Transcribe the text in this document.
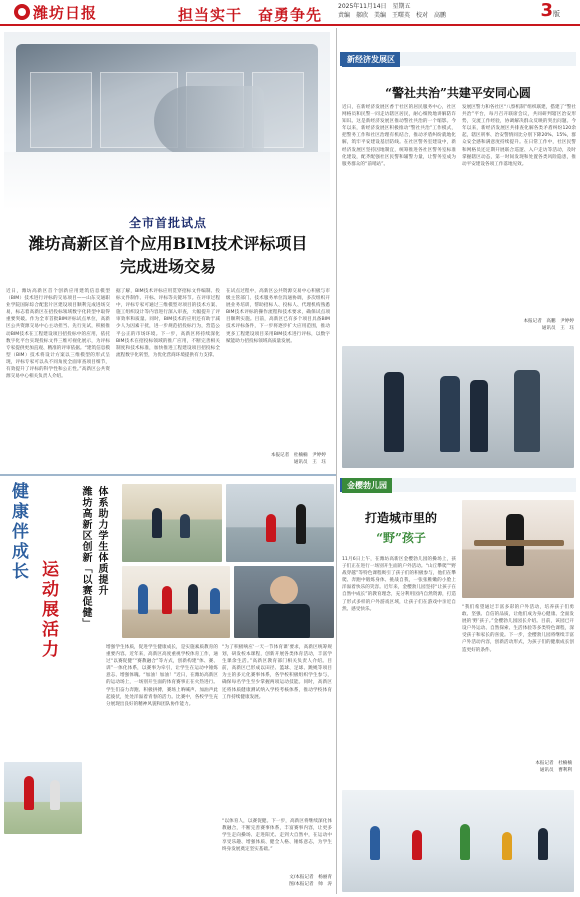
潍坊日报	担当实干　奋勇争先	2025年11月14日　星期五
责编　郝欣　美编　王曙英　校对　高鹏	3版
全市首批试点
潍坊高新区首个应用BIM技术评标项目
完成进场交易
近日，潍坊高新区首个创新应用建筑信息模型（BIM）技术进行评标的交易项目——山东交通职业学院国际综合配套片区建设项目顺利完成进场交易，标志着高新区在招投标领域数字化转型中取得重要突破。作为全市首批BIM评标试点单位，高新区公共资源交易中心主动担当、先行先试，积极推动BIM技术在工程建设项目招投标中的应用，依托数字化平台实现投标文件三维可视化展示，为评标专家提供更加直观、精准的评审依据。“建筑信息模型（BIM）技术将设计方案以三维模型的形式呈现，评标专家可以从不同角度全面审查项目细节，有效提升了评标的科学性和公正性。”高新区公共资源交易中心相关负责人介绍。
据了解，BIM技术评标应用贯穿招标文件编制、投标文件制作、开标、评标等关键环节。在评审过程中，评标专家可通过三维模型对项目的技术方案、施工组织设计等内容进行深入审查，大幅提升了评审效率和质量。同时，BIM技术的应用还有助于减少人为因素干扰，进一步规范招投标行为，营造公平公正的市场环境。下一步，高新区将持续深化BIM技术在招投标领域的推广应用，不断完善相关制度和技术标准，加快推进工程建设项目招投标全流程数字化转型，为优化营商环境提供有力支撑。
在试点过程中，高新区公共资源交易中心积极与市级主管部门、技术服务单位沟通协调，多次组织开展业务培训，帮助招标人、投标人、代理机构熟悉BIM技术评标的操作流程和技术要求，确保试点项目顺利实施。目前，高新区已有多个项目具备BIM技术评标条件，下一步将逐步扩大应用范围，推动更多工程建设项目采用BIM技术进行评标，以数字赋能助力招投标领域高质量发展。
本报记者　杜楠楠　尹婷婷
通讯员　王　珏
健康伴成长
运动展活力 潍坊高新区创新「以赛促健」 体系助力学生体质提升
增强学生体质，促进学生健康成长，是实施素质教育的重要内容。近年来，高新区高度重视学校体育工作，通过“以赛促健”“赛教融合”等方式，创新构建“体、赛、训”一体化体系，以赛事为牵引，让学生在运动中锤炼意志、增强体魄。“加油！加油！”近日，在潍坊高新区的运动场上，一场别开生面的体育赛事正在火热进行。学生们奋力奔跑、积极拼搏，赛场上呐喊声、加油声此起彼伏，处处洋溢着青春的活力。比赛中，各校学生充分展现出良好的精神风貌和团队协作能力。
“为了积极响应‘一天一节体育课’要求，高新区统筹规划，研发校本课程，创新开展各类体育活动，丰富学生课余生活。”高新区教育部门相关负责人介绍。目前，高新区已形成以田径、篮球、足球、跳绳等项目为主的多元化赛事体系，各学校积极组织学生参与，确保每名学生至少掌握两项运动技能。同时，高新区还将体质健康测试纳入学校考核体系，推动学校体育工作持续健康发展。
“以体育人，以赛促健。下一步，高新区将继续深化体教融合，不断完善赛事体系，丰富赛事内容，让更多学生走向操场、走进阳光、走到大自然中，在运动中享受乐趣、增强体质、健全人格、锤炼意志，为学生终身发展奠定坚实基础。”
文/本报记者　杨丽青
图/本报记者　帅　涛
新经济发展区
“警社共治”共建平安同心圆
近日，在新经济发展区香于社区的居民服务中心，社区网格员和民警一同走访辖区居民，耐心细致地讲解防诈知识。这是新经济发展区推动警社共治的一个缩影。今年以来，新经济发展区积极推动“警社共治”工作模式，把警务工作和社区治理有机结合，推动矛盾纠纷就地化解，筑牢平安建设基层防线。在社区警务室建设中，新经济发展区坚持因地制宜，统筹推进各社区警务室标准化建设，配齐配强社区民警和辅警力量，让警务室成为服务群众的“前哨站”。
发展区警力和各社区“八察机制”组织联建，搭建了“警社共治”平台，每月召开联席会议，共同研判辖区治安形势，交流工作经验，协调解决群众反映的突出问题。今年以来，新经济发展区共排查化解各类矛盾纠纷120余起，辖区刑事、治安警情同比分别下降20%、15%，群众安全感和满意度持续提升。在日常工作中，社区民警和网格员还定期开展联合巡逻、入户走访等活动，及时掌握辖区动态，第一时间发现和处置各类风险隐患，推动平安建设各项工作落地见效。
本报记者　高鹏　尹婷婷
通讯员　王　珏
金樱勃儿园
打造城市里的
“野”孩子
11月6日上午，在潍坊高新区金樱勃儿园的操场上，孩子们正在进行一场别开生面的户外活动。“山丘攀爬”“野战穿越”等特色课程吸引了孩子们的积极参与，他们在攀爬、奔跑中锻炼身体、挑战自我，一张张稚嫩的小脸上洋溢着快乐的笑容。近年来，金樱勃儿园坚持“让孩子在自然中成长”的教育理念，充分利用园内自然资源，打造了形式多样的户外游戏区域，让孩子们在游戏中亲近自然、感受快乐。	“我们希望通过丰富多彩的户外活动，培养孩子们勇敢、坚强、自信的品质，让他们成为身心健康、全面发展的‘野’孩子。”金樱勃儿园园长介绍。目前，该园已开设户外运动、自然探索、生活体验等多类特色课程，深受孩子和家长的喜爱。下一步，金樱勃儿园将继续丰富户外活动内容，创新活动形式，为孩子们的健康成长创造更好的条件。
本报记者　杜楠楠
通讯员　曹利利
